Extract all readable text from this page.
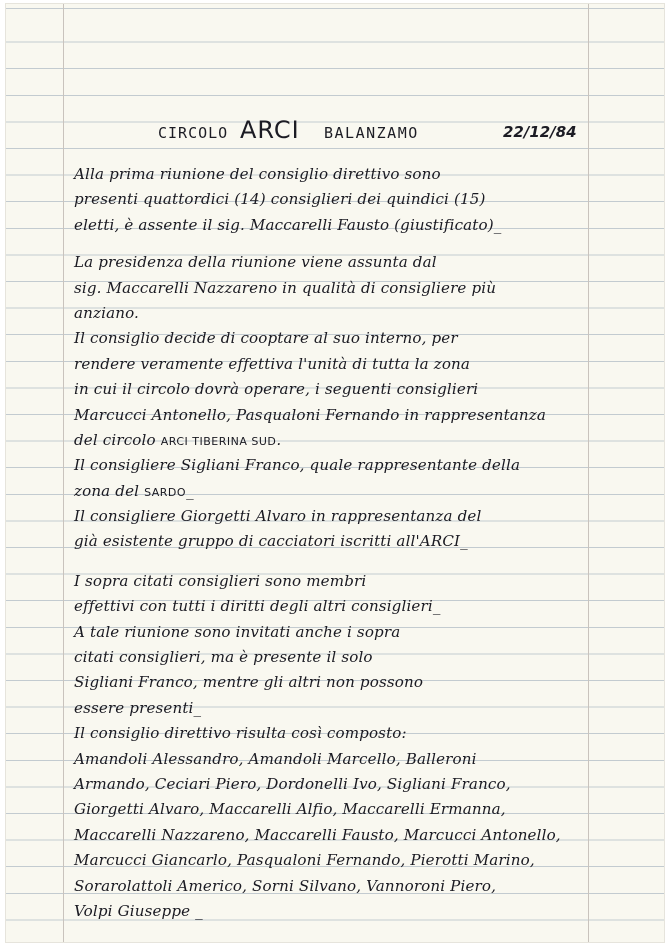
CIRCOLO ARCI BALANZAMO	22/12/84
Alla prima riunione del consiglio direttivo sono
presenti quattordici (14) consiglieri dei quindici (15)
eletti, è assente il sig. Maccarelli Fausto (giustificato)_
La presidenza della riunione viene assunta dal
sig. Maccarelli Nazzareno in qualità di consigliere più
anziano.
Il consiglio decide di cooptare al suo interno, per
rendere veramente effettiva l'unità di tutta la zona
in cui il circolo dovrà operare, i seguenti consiglieri
Marcucci Antonello, Pasqualoni Fernando in rappresentanza
del circolo ARCI TIBERINA SUD.
Il consigliere Sigliani Franco, quale rappresentante della
zona del SARDO_
Il consigliere Giorgetti Alvaro in rappresentanza del
già esistente gruppo di cacciatori iscritti all'ARCI_
I sopra citati consiglieri sono membri
effettivi con tutti i diritti degli altri consiglieri_
A tale riunione sono invitati anche i sopra
citati consiglieri, ma è presente il solo
Sigliani Franco, mentre gli altri non possono
essere presenti_
Il consiglio direttivo risulta così composto:
Amandoli Alessandro, Amandoli Marcello, Balleroni
Armando, Ceciari Piero, Dordonelli Ivo, Sigliani Franco,
Giorgetti Alvaro, Maccarelli Alfio, Maccarelli Ermanna,
Maccarelli Nazzareno, Maccarelli Fausto, Marcucci Antonello,
Marcucci Giancarlo, Pasqualoni Fernando, Pierotti Marino,
Sorarolattoli Americo, Sorni Silvano, Vannoroni Piero,
Volpi Giuseppe _
